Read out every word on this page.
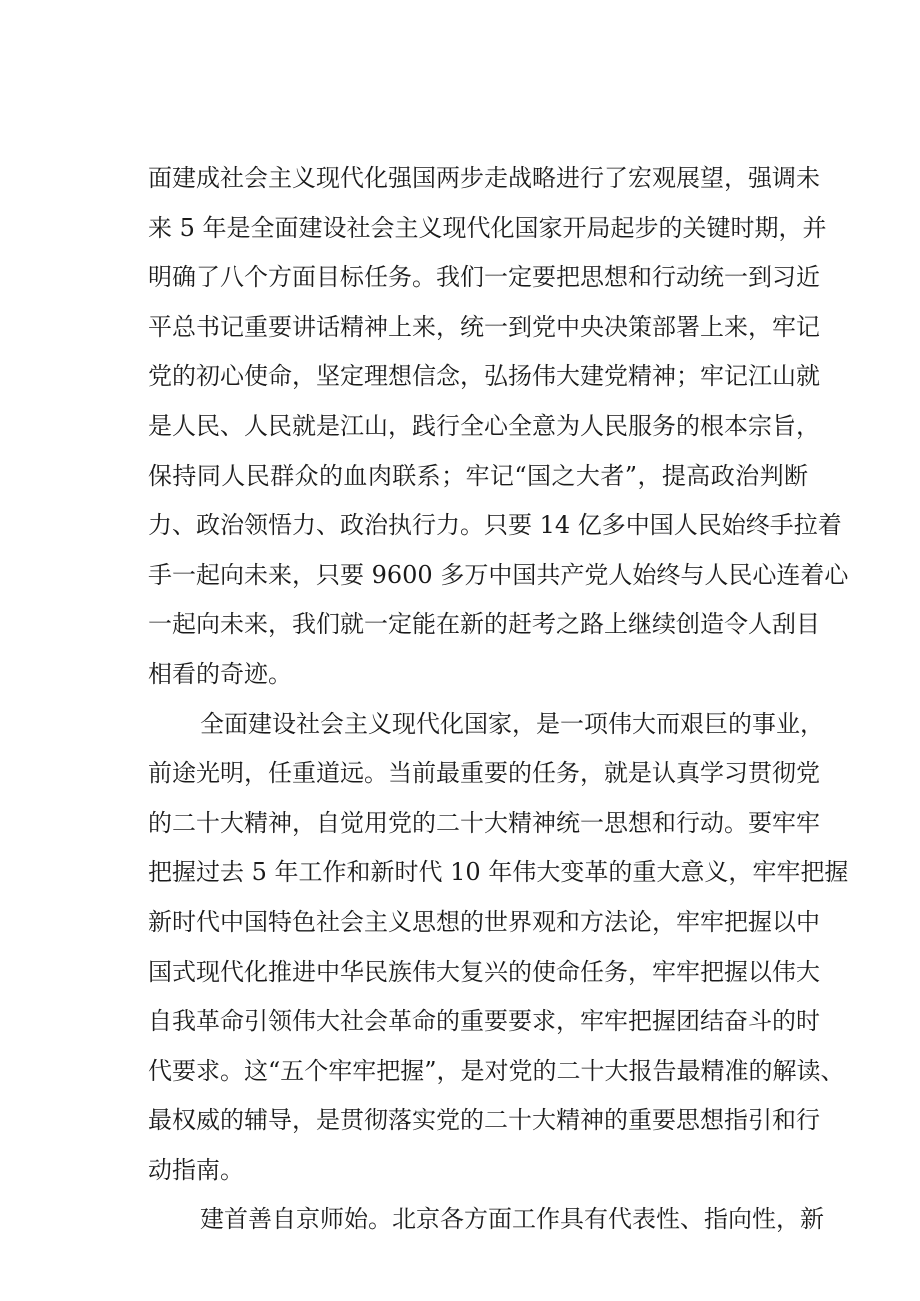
面建成社会主义现代化强国两步走战略进行了宏观展望，强调未
来 5 年是全面建设社会主义现代化国家开局起步的关键时期，并
明确了八个方面目标任务。我们一定要把思想和行动统一到习近
平总书记重要讲话精神上来，统一到党中央决策部署上来，牢记
党的初心使命，坚定理想信念，弘扬伟大建党精神；牢记江山就
是人民、人民就是江山，践行全心全意为人民服务的根本宗旨，
保持同人民群众的血肉联系；牢记“国之大者”，提高政治判断
力、政治领悟力、政治执行力。只要 14 亿多中国人民始终手拉着
手一起向未来，只要 9600 多万中国共产党人始终与人民心连着心
一起向未来，我们就一定能在新的赶考之路上继续创造令人刮目
相看的奇迹。
全面建设社会主义现代化国家，是一项伟大而艰巨的事业，
前途光明，任重道远。当前最重要的任务，就是认真学习贯彻党
的二十大精神，自觉用党的二十大精神统一思想和行动。要牢牢
把握过去 5 年工作和新时代 10 年伟大变革的重大意义，牢牢把握
新时代中国特色社会主义思想的世界观和方法论，牢牢把握以中
国式现代化推进中华民族伟大复兴的使命任务，牢牢把握以伟大
自我革命引领伟大社会革命的重要要求，牢牢把握团结奋斗的时
代要求。这“五个牢牢把握”，是对党的二十大报告最精准的解读、
最权威的辅导，是贯彻落实党的二十大精神的重要思想指引和行
动指南。
建首善自京师始。北京各方面工作具有代表性、指向性，新
